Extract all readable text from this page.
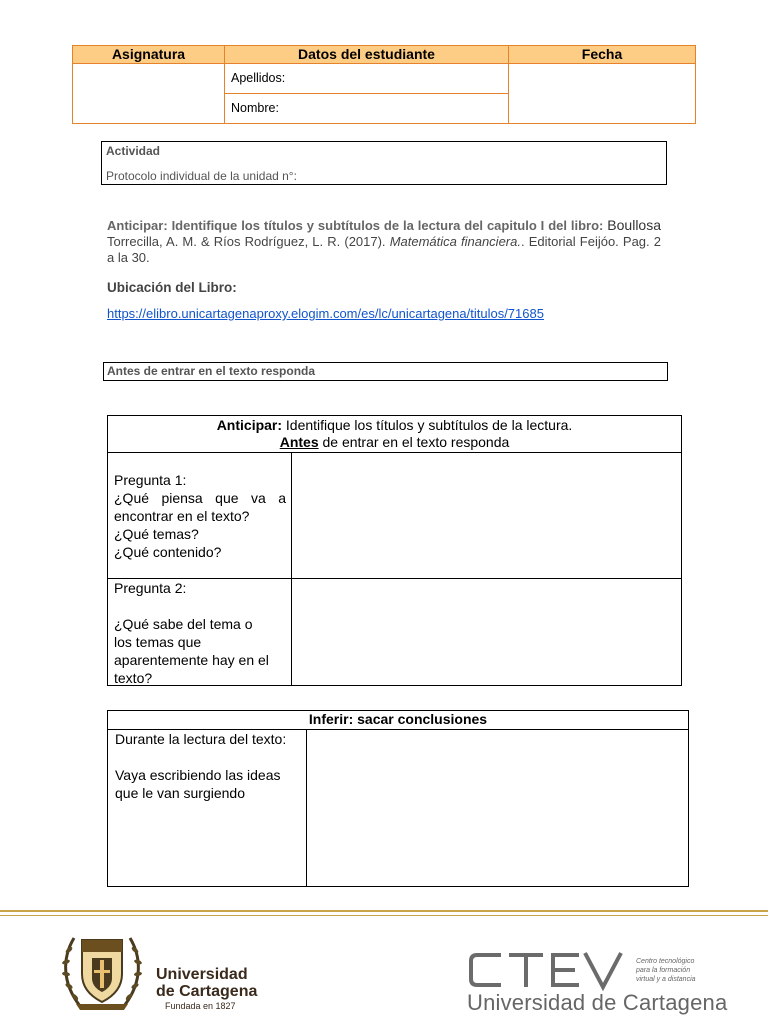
Asignatura	Datos del estudiante	Fecha
Apellidos:
Nombre:
Actividad
Protocolo individual de la unidad n°:
Anticipar: Identifique los títulos y subtítulos de la lectura del capitulo I del libro: Boullosa Torrecilla, A. M. & Ríos Rodríguez, L. R. (2017). Matemática financiera.. Editorial Feijóo. Pag. 2 a la 30.
Ubicación del Libro:
https://elibro.unicartagenaproxy.elogim.com/es/lc/unicartagena/titulos/71685
Antes de entrar en el texto responda
Anticipar: Identifique los títulos y subtítulos de la lectura.
Antes de entrar en el texto responda
Pregunta 1:
¿Qué piensa que va a
encontrar en el texto?
¿Qué temas?
¿Qué contenido?
Pregunta 2:
¿Qué sabe del tema o
los temas que
aparentemente hay en el
texto?
Inferir: sacar conclusiones
Durante la lectura del texto:
Vaya escribiendo las ideas
que le van surgiendo
Universidad
de Cartagena
Fundada en 1827
Centro tecnológico
para la formación
virtual y a distancia
Universidad de Cartagena
